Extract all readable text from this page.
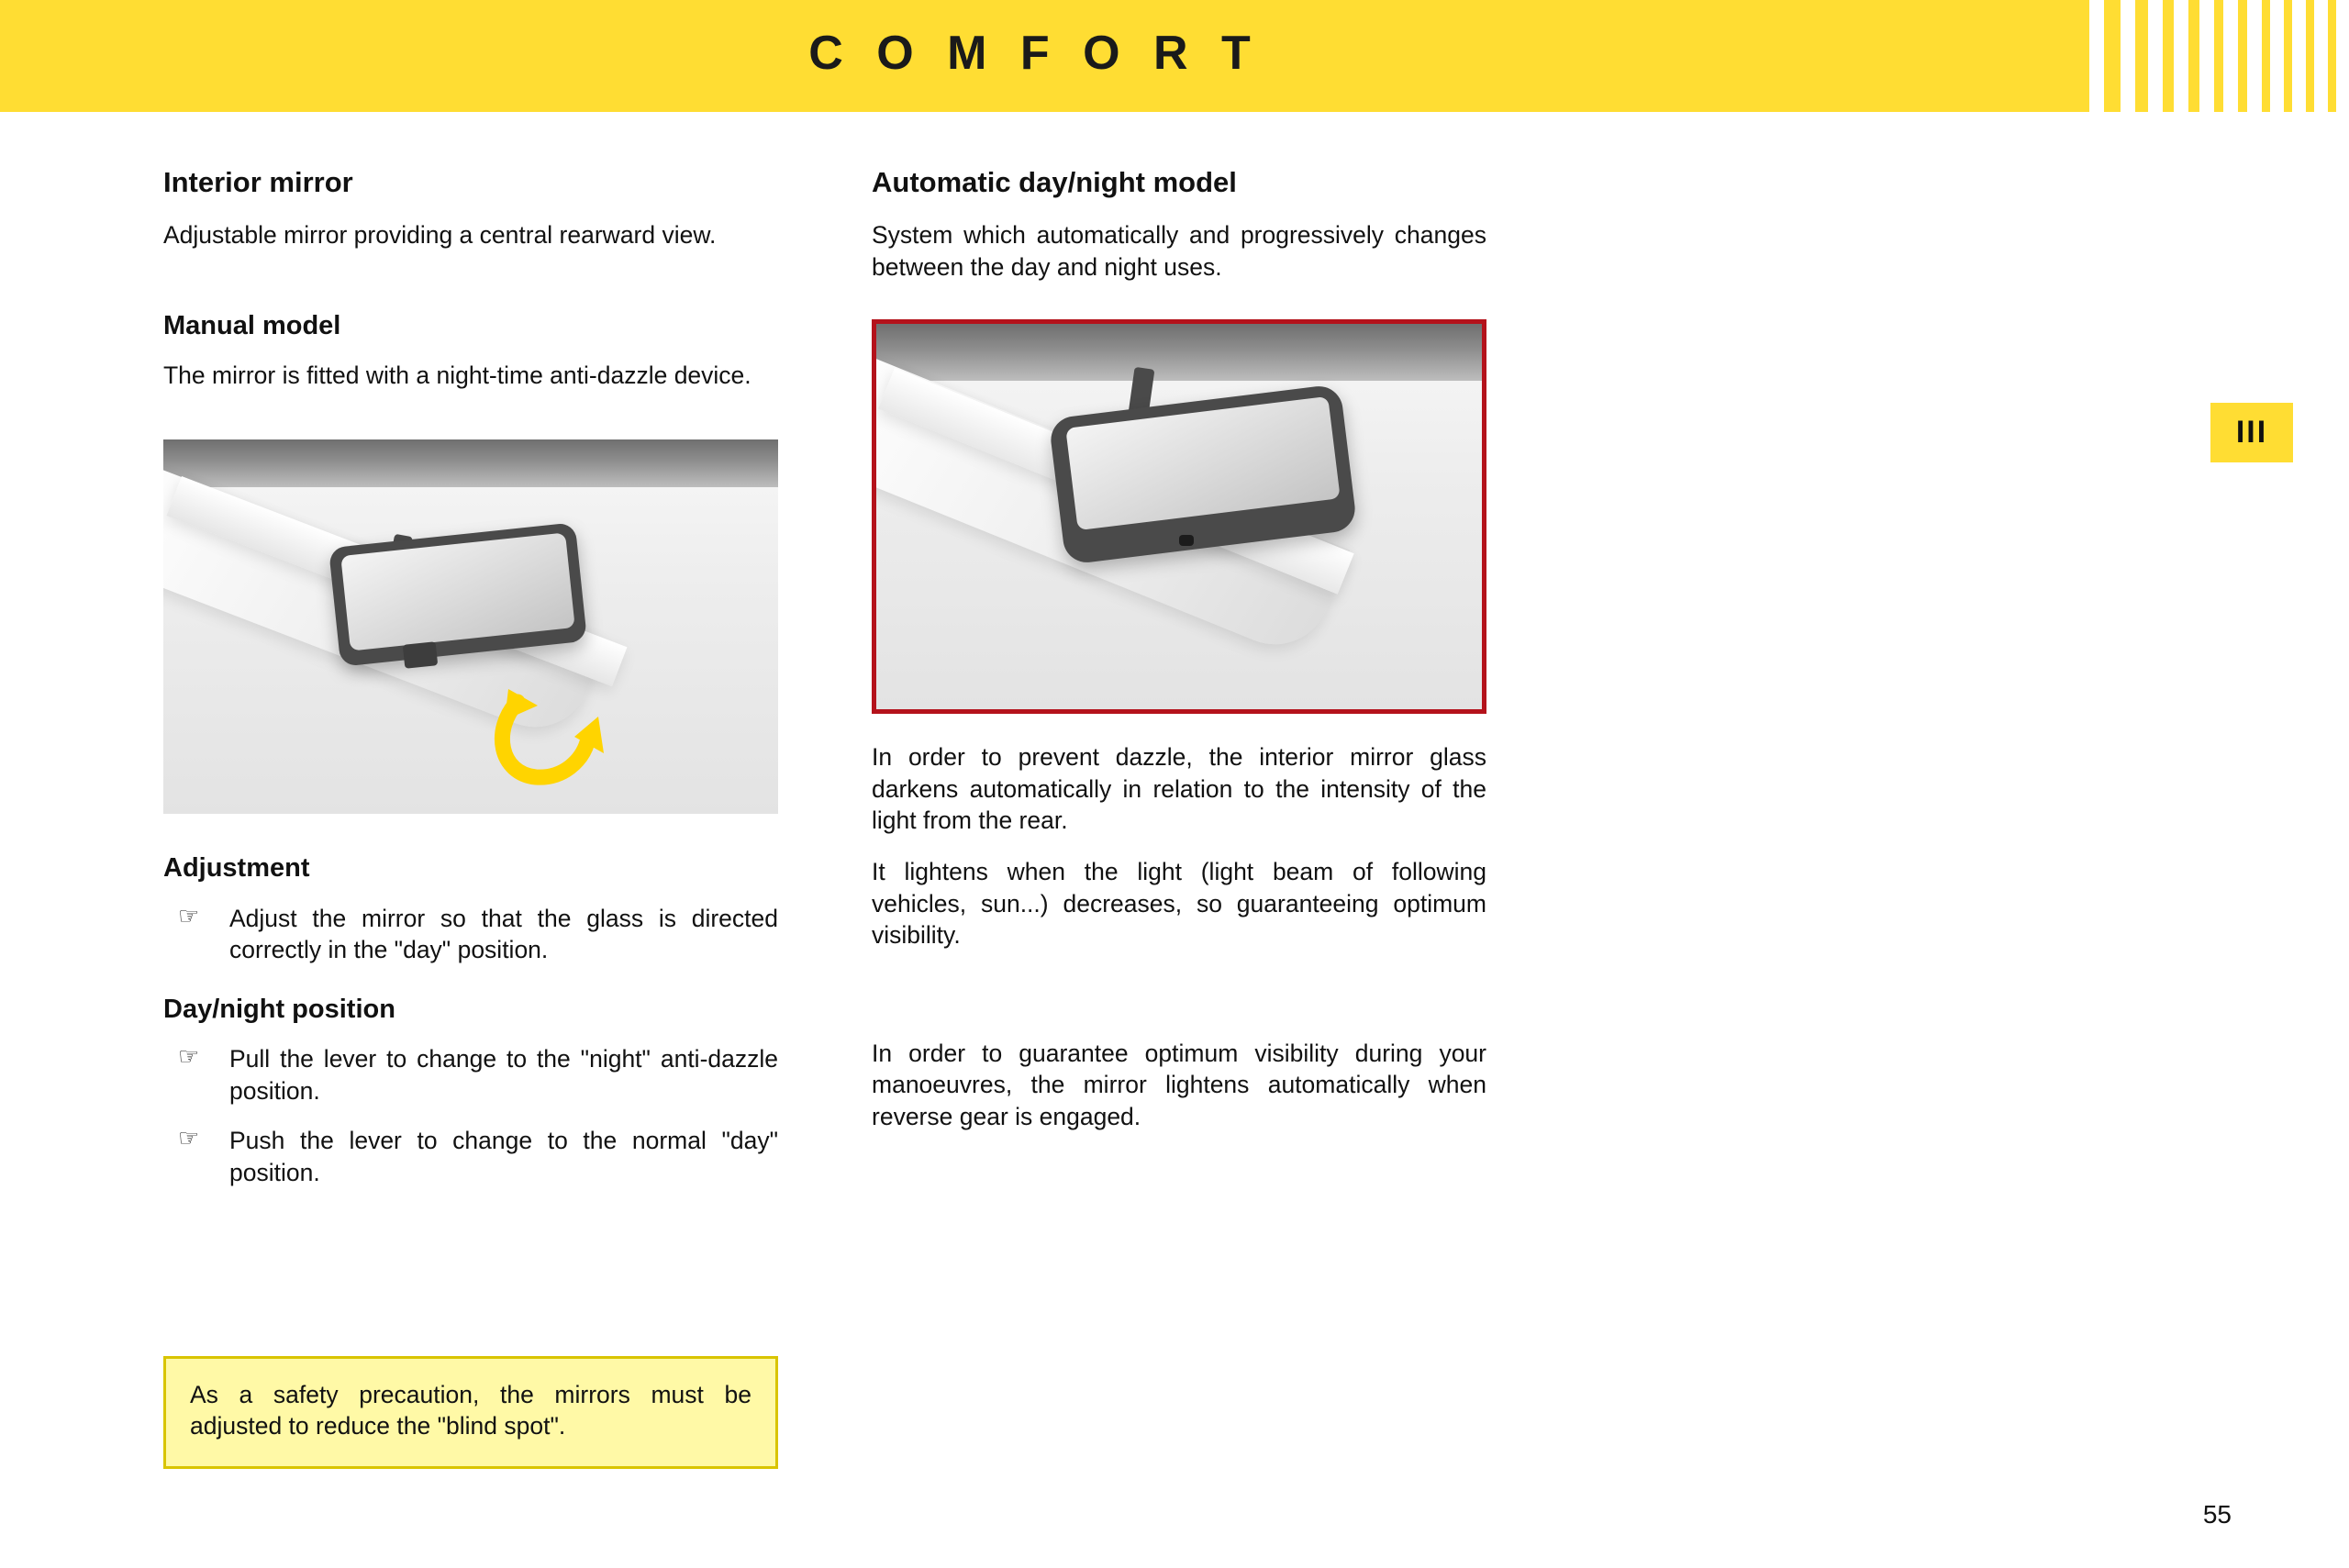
C O M F O R T
III
Interior mirror

Adjustable mirror providing a central rearward view.

Manual model

The mirror is fitted with a night-time anti-dazzle device.

Adjustment
☞ Adjust the mirror so that the glass is directed correctly in the "day" position.
Day/night position
☞ Pull the lever to change to the "night" anti-dazzle position.
☞ Push the lever to change to the normal "day" position.
Automatic day/night model

System which automatically and progressively changes between the day and night uses.

In order to prevent dazzle, the interior mirror glass darkens automatically in relation to the intensity of the light from the rear.

It lightens when the light (light beam of following vehicles, sun...) decreases, so guaranteeing optimum visibility.

In order to guarantee optimum visibility during your manoeuvres, the mirror lightens automatically when reverse gear is engaged.

As a safety precaution, the mirrors must be adjusted to reduce the "blind spot".

55
